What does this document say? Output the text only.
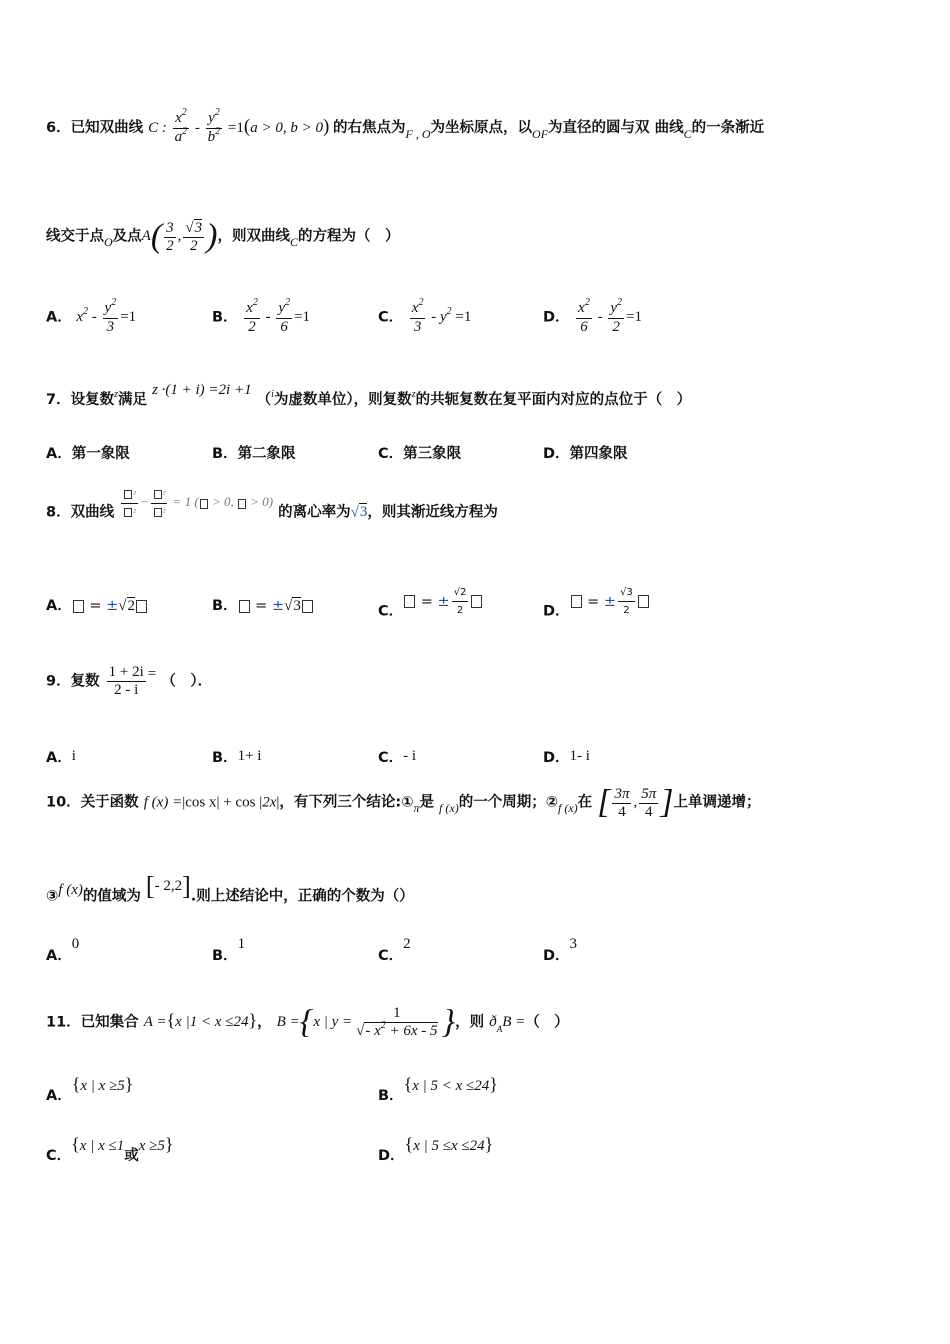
6．已知双曲线 C : $\frac{x^2}{a^2} - \frac{y^2}{b^2} =1(a > 0$, b > 0) 的右焦点为$_{F , O}$为坐标原点，以$_{OF}$为直径的圆与双 曲线$_C$的一条渐近
线交于点$_O$及点$A( \frac{3}{2}$ , $\frac{√3}{2}$ )，则双曲线$_C$的方程为（　）
A． $x^2 - \frac{y^2}{3} =1$	B． $\frac{x^2}{2} - \frac{y^2}{6} =1$	C． $\frac{x^2}{3} - y^2 =1$	D． $\frac{x^2}{6} - \frac{y^2}{2} =1$
7．设复数$^z$满足 z ·(1 + i) =2i +1 （$^i$为虚数单位），则复数$^z$的共轭复数在复平面内对应的点位于（　）
A．第一象限	B．第二象限	C．第三象限	D．第四象限
8．双曲线 $\frac{\text{²}}{\text{²}} - \frac{\text{²}}{\text{²}} = 1$ ( > 0,  > 0) 的离心率为√3，则其渐近线方程为
A． = ±√2	B． = ±√3	C． = ± $\frac{√2}{2}$	D． = ± $\frac{√3}{2}$
9．复数 $\frac{1 + 2i}{2 - i}$ = （　）．
A．i	B．1+ i	C．- i	D．1- i
10．关于函数 f (x) =|cos x| + cos |2x|，有下列三个结论$:①_\pi$是 $_{f (x)}$的一个周期；$②_{f (x)}$在 [ $\frac{3\pi}{4}$ , $\frac{5\pi}{4}$ ]上单调递增；
③f (x)的值域为 [- 2,2].则上述结论中，正确的个数为（）
A．0
B．1
C．2
D．3
11．已知集合 A ={x |1 < x ≤24}， B ={x | $y = \frac{1}{√- x^2 + 6x - 5}$ }，则 $ð_AB$ =（　）
A．{x | x ≥5}
B．{x | 5 < x ≤24}
C．{x | x ≤1或x ≥5}
D．{x | 5 ≤x ≤24}
